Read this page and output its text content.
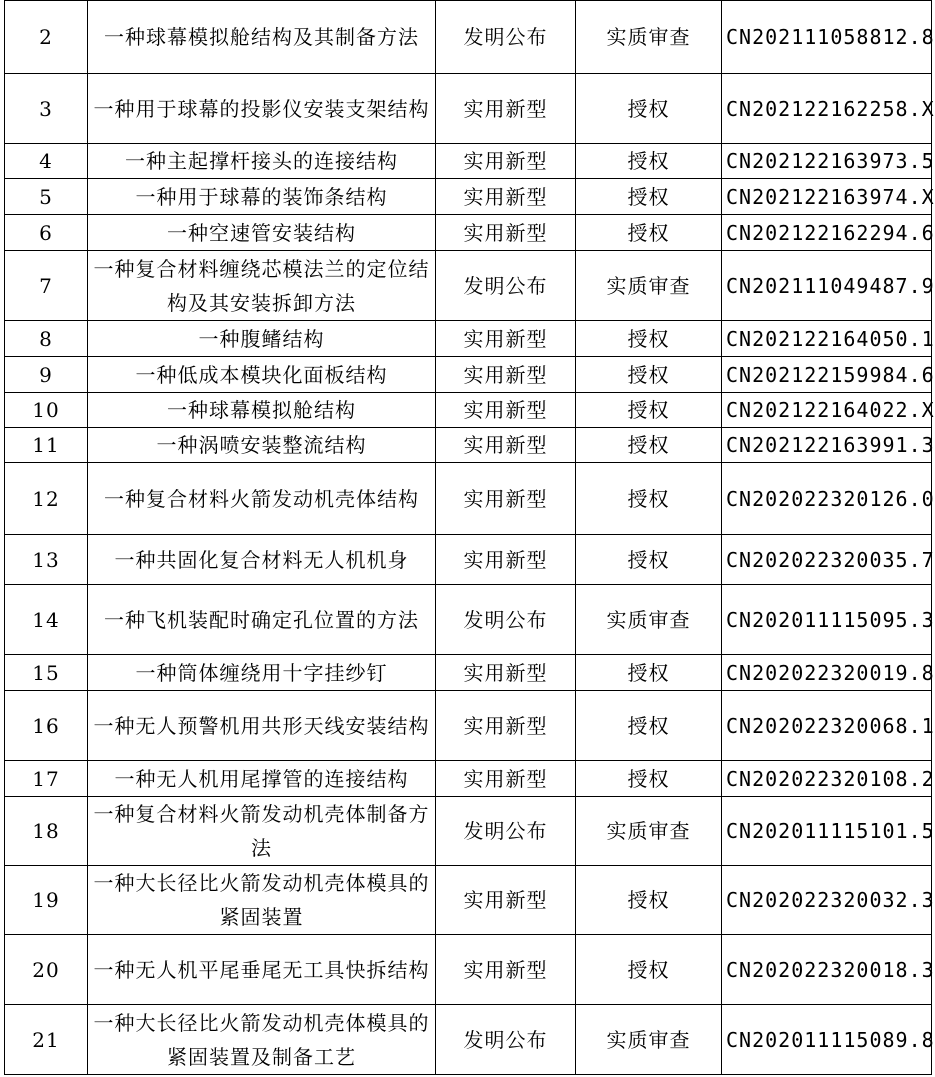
2	一种球幕模拟舱结构及其制备方法	发明公布	实质审查	CN202111058812.8
3	一种用于球幕的投影仪安装支架结构	实用新型	授权	CN202122162258.X
4	一种主起撑杆接头的连接结构	实用新型	授权	CN202122163973.5
5	一种用于球幕的装饰条结构	实用新型	授权	CN202122163974.X
6	一种空速管安装结构	实用新型	授权	CN202122162294.6
7	一种复合材料缠绕芯模法兰的定位结构及其安装拆卸方法	发明公布	实质审查	CN202111049487.9
8	一种腹鳍结构	实用新型	授权	CN202122164050.1
9	一种低成本模块化面板结构	实用新型	授权	CN202122159984.6
10	一种球幕模拟舱结构	实用新型	授权	CN202122164022.X
11	一种涡喷安装整流结构	实用新型	授权	CN202122163991.3
12	一种复合材料火箭发动机壳体结构	实用新型	授权	CN202022320126.0
13	一种共固化复合材料无人机机身	实用新型	授权	CN202022320035.7
14	一种飞机装配时确定孔位置的方法	发明公布	实质审查	CN202011115095.3
15	一种筒体缠绕用十字挂纱钉	实用新型	授权	CN202022320019.8
16	一种无人预警机用共形天线安装结构	实用新型	授权	CN202022320068.1
17	一种无人机用尾撑管的连接结构	实用新型	授权	CN202022320108.2
18	一种复合材料火箭发动机壳体制备方法	发明公布	实质审查	CN202011115101.5
19	一种大长径比火箭发动机壳体模具的紧固装置	实用新型	授权	CN202022320032.3
20	一种无人机平尾垂尾无工具快拆结构	实用新型	授权	CN202022320018.3
21	一种大长径比火箭发动机壳体模具的紧固装置及制备工艺	发明公布	实质审查	CN202011115089.8
